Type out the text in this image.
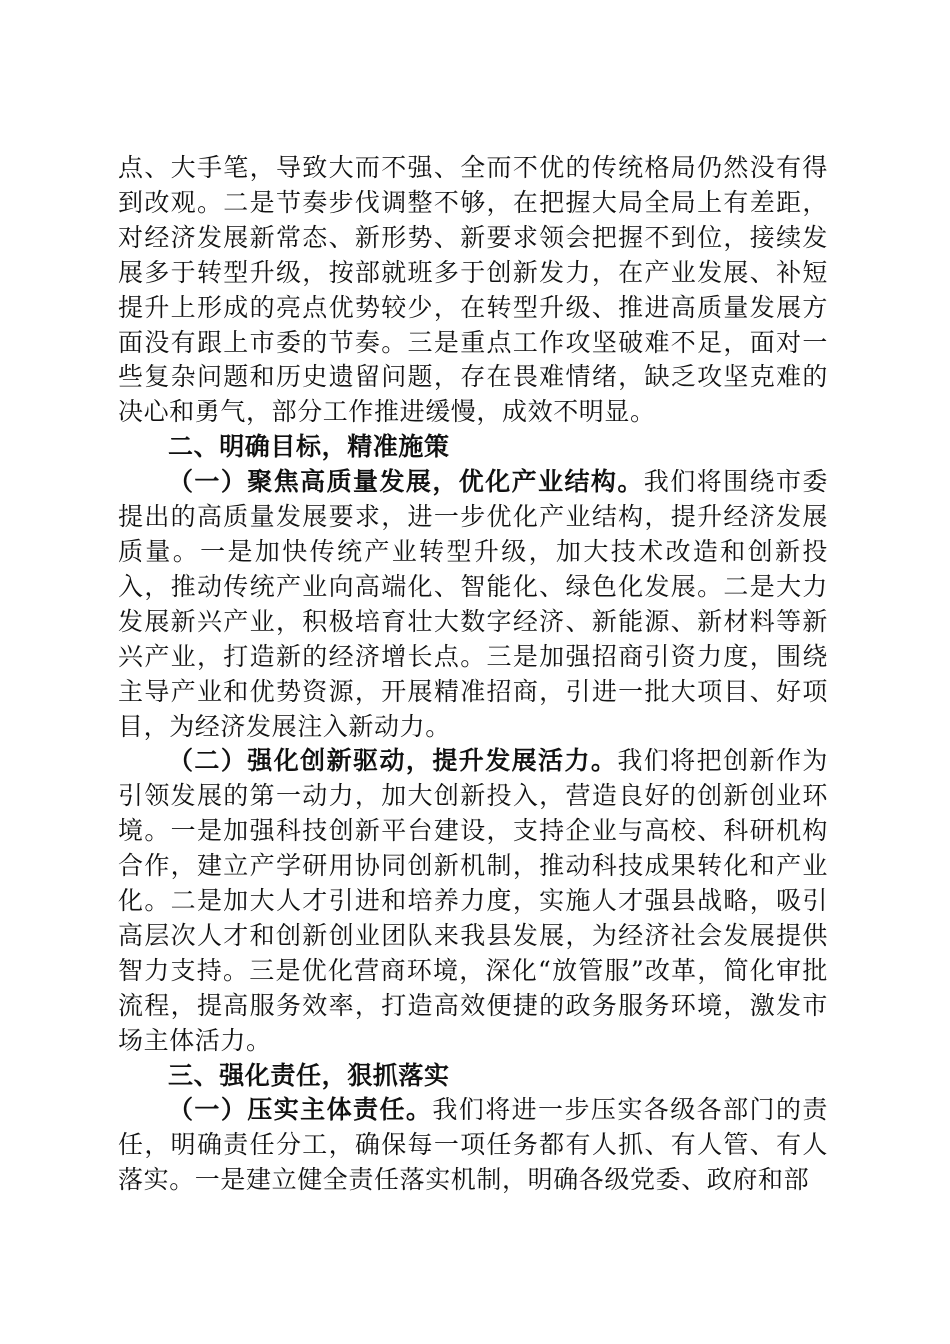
点、大手笔，导致大而不强、全而不优的传统格局仍然没有得到改观。二是节奏步伐调整不够，在把握大局全局上有差距，对经济发展新常态、新形势、新要求领会把握不到位，接续发展多于转型升级，按部就班多于创新发力，在产业发展、补短提升上形成的亮点优势较少，在转型升级、推进高质量发展方面没有跟上市委的节奏。三是重点工作攻坚破难不足，面对一些复杂问题和历史遗留问题，存在畏难情绪，缺乏攻坚克难的决心和勇气，部分工作推进缓慢，成效不明显。

二、明确目标，精准施策

（一）聚焦高质量发展，优化产业结构。我们将围绕市委提出的高质量发展要求，进一步优化产业结构，提升经济发展质量。一是加快传统产业转型升级，加大技术改造和创新投入，推动传统产业向高端化、智能化、绿色化发展。二是大力发展新兴产业，积极培育壮大数字经济、新能源、新材料等新兴产业，打造新的经济增长点。三是加强招商引资力度，围绕主导产业和优势资源，开展精准招商，引进一批大项目、好项目，为经济发展注入新动力。

（二）强化创新驱动，提升发展活力。我们将把创新作为引领发展的第一动力，加大创新投入，营造良好的创新创业环境。一是加强科技创新平台建设，支持企业与高校、科研机构合作，建立产学研用协同创新机制，推动科技成果转化和产业化。二是加大人才引进和培养力度，实施人才强县战略，吸引高层次人才和创新创业团队来我县发展，为经济社会发展提供智力支持。三是优化营商环境，深化“放管服”改革，简化审批流程，提高服务效率，打造高效便捷的政务服务环境，激发市场主体活力。

三、强化责任，狠抓落实

（一）压实主体责任。我们将进一步压实各级各部门的责任，明确责任分工，确保每一项任务都有人抓、有人管、有人落实。一是建立健全责任落实机制，明确各级党委、政府和部
